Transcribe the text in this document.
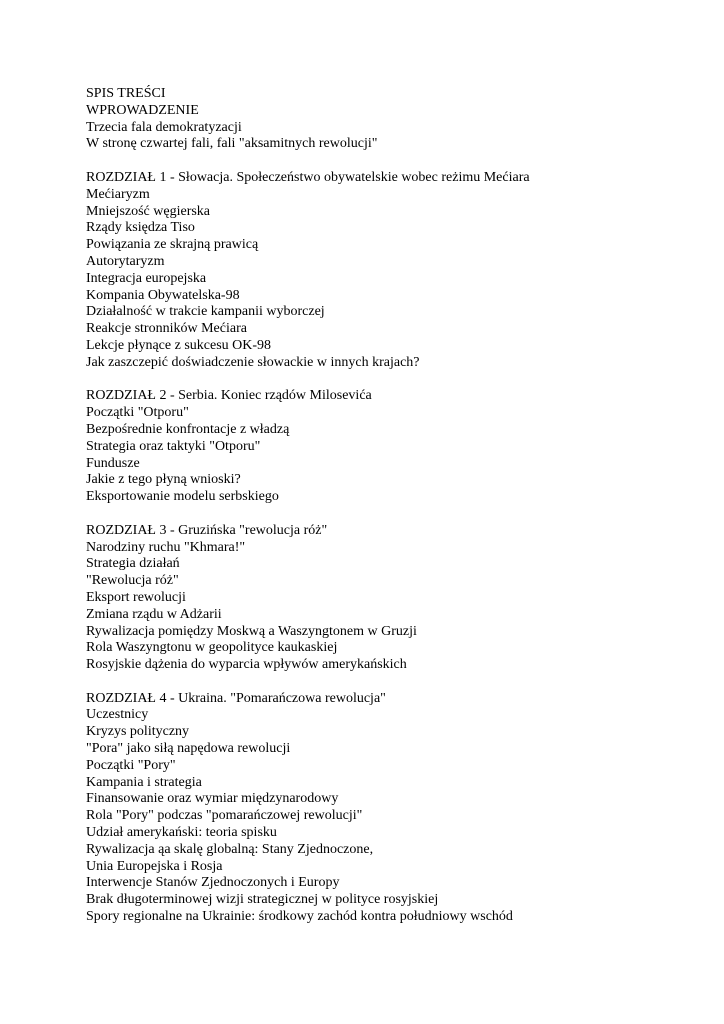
SPIS TREŚCI
WPROWADZENIE
Trzecia fala demokratyzacji
W stronę czwartej fali, fali "aksamitnych rewolucji"
ROZDZIAŁ 1 - Słowacja. Społeczeństwo obywatelskie wobec reżimu Mećiara
Mećiaryzm
Mniejszość węgierska
Rządy księdza Tiso
Powiązania ze skrajną prawicą
Autorytaryzm
Integracja europejska
Kompania Obywatelska-98
Działalność w trakcie kampanii wyborczej
Reakcje stronników Mećiara
Lekcje płynące z sukcesu OK-98
Jak zaszczepić doświadczenie słowackie w innych krajach?
ROZDZIAŁ 2 - Serbia. Koniec rządów Milosevića
Początki "Otporu"
Bezpośrednie konfrontacje z władzą
Strategia oraz taktyki "Otporu"
Fundusze
Jakie z tego płyną wnioski?
Eksportowanie modelu serbskiego
ROZDZIAŁ 3 - Gruzińska "rewolucja róż"
Narodziny ruchu "Khmara!"
Strategia działań
"Rewolucja róż"
Eksport rewolucji
Zmiana rządu w Adżarii
Rywalizacja pomiędzy Moskwą a Waszyngtonem w Gruzji
Rola Waszyngtonu w geopolityce kaukaskiej
Rosyjskie dążenia do wyparcia wpływów amerykańskich
ROZDZIAŁ 4 - Ukraina. "Pomarańczowa rewolucja"
Uczestnicy
Kryzys polityczny
"Pora" jako siłą napędowa rewolucji
Początki "Pory"
Kampania i strategia
Finansowanie oraz wymiar międzynarodowy
Rola "Pory" podczas "pomarańczowej rewolucji"
Udział amerykański: teoria spisku
Rywalizacja ąa skalę globalną: Stany Zjednoczone,
Unia Europejska i Rosja
Interwencje Stanów Zjednoczonych i Europy
Brak długoterminowej wizji strategicznej w polityce rosyjskiej
Spory regionalne na Ukrainie: środkowy zachód kontra południowy wschód
